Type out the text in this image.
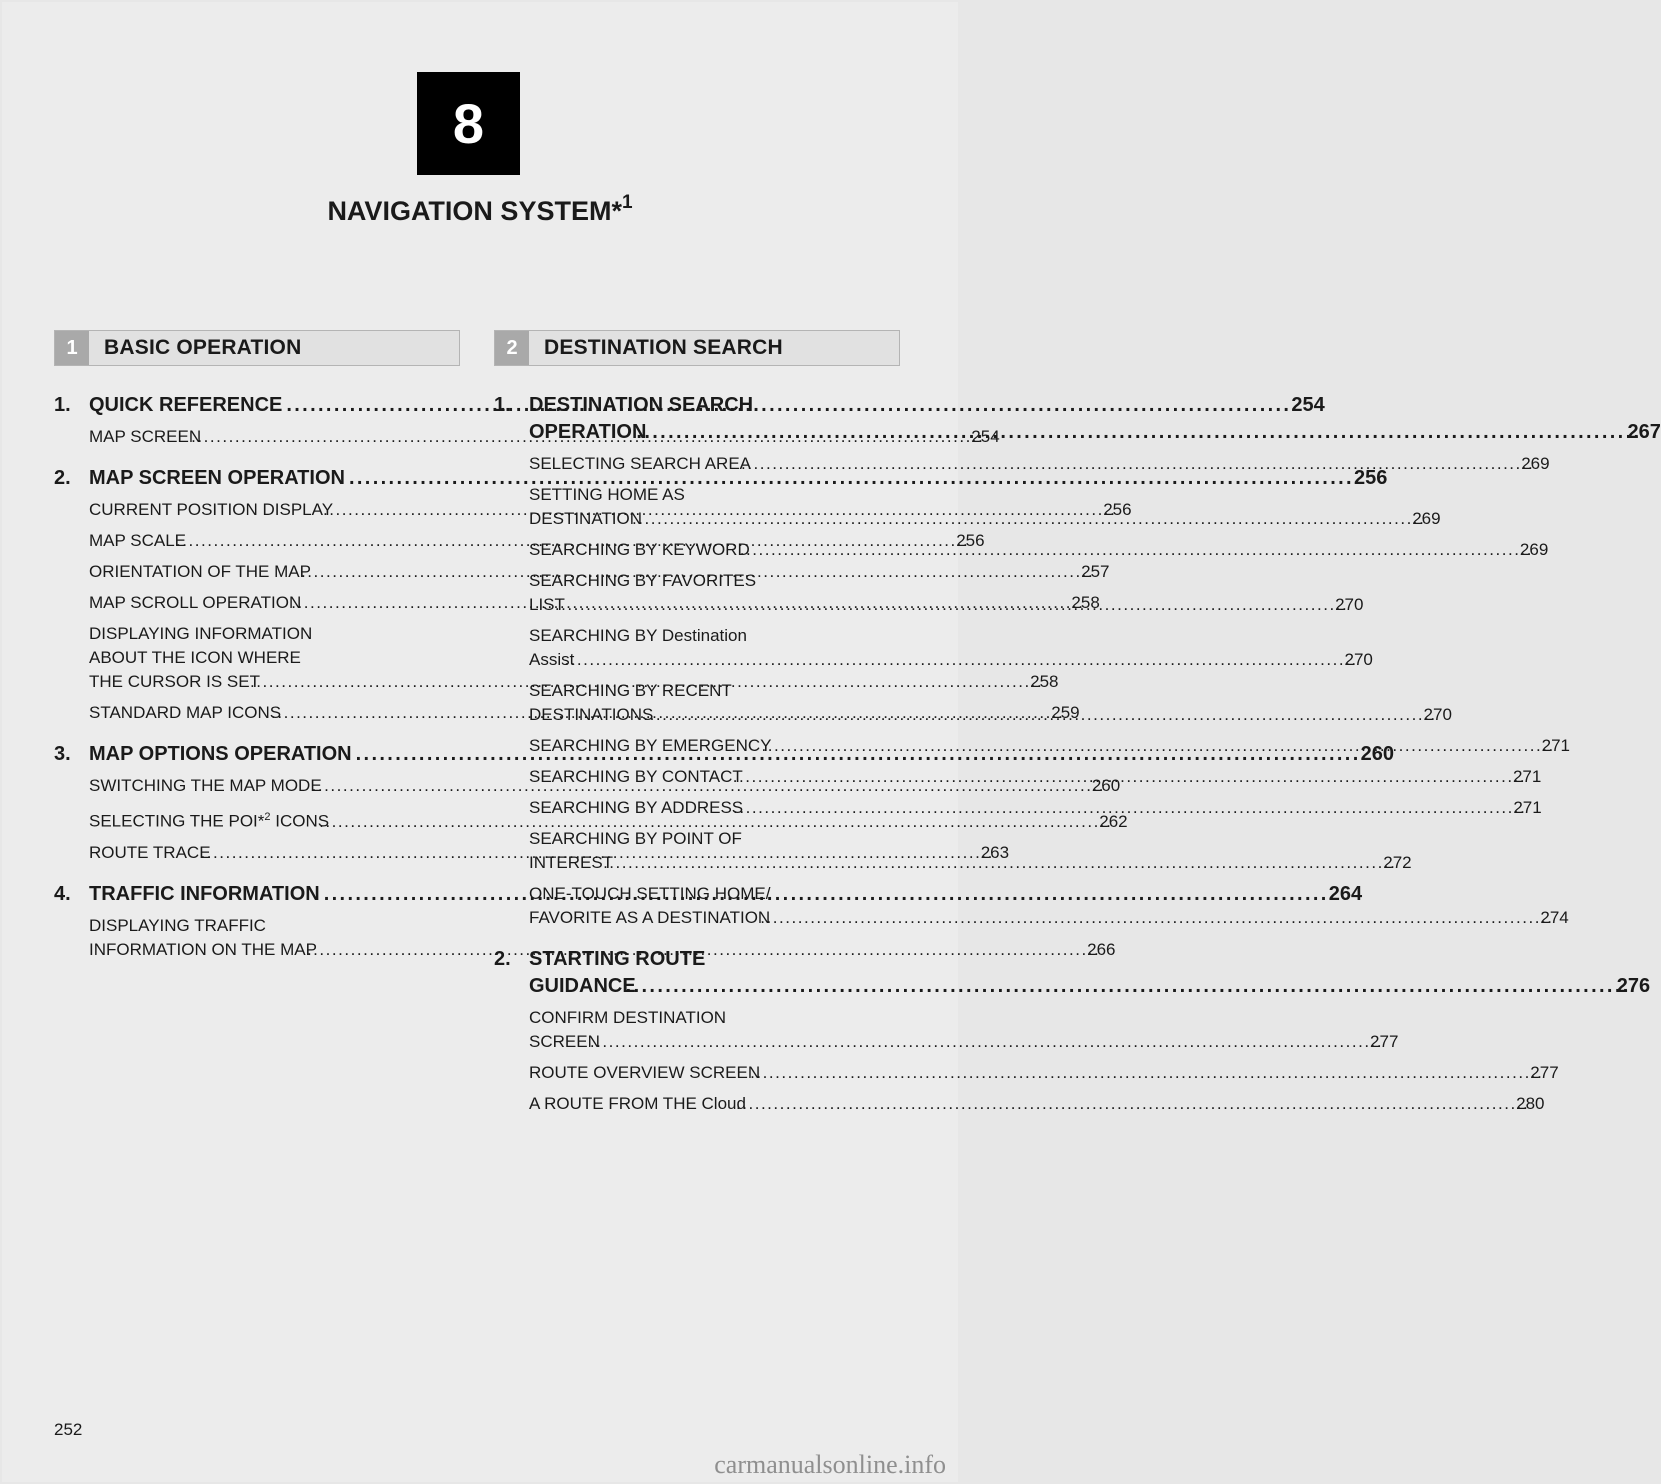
8
NAVIGATION SYSTEM*$^1$
1	BASIC OPERATION
1. QUICK REFERENCE . . .	254
MAP SCREEN . . .	254
2. MAP SCREEN OPERATION . . .	256
CURRENT POSITION DISPLAY . . .	256
MAP SCALE . . .	256
ORIENTATION OF THE MAP . . .	257
MAP SCROLL OPERATION . . .	258
DISPLAYING INFORMATION
ABOUT THE ICON WHERE
THE CURSOR IS SET . . .	258
STANDARD MAP ICONS . . .	259
3. MAP OPTIONS OPERATION . . .	260
SWITCHING THE MAP MODE . . .	260
SELECTING THE POI*$^2$ ICONS . . .	262
ROUTE TRACE . . .	263
4. TRAFFIC INFORMATION . . .	264
DISPLAYING TRAFFIC
INFORMATION ON THE MAP . . .	266
2	DESTINATION SEARCH
1. DESTINATION SEARCH
OPERATION . . .	267
SELECTING SEARCH AREA . . .	269
SETTING HOME AS
DESTINATION . . .	269
SEARCHING BY KEYWORD . . .	269
SEARCHING BY FAVORITES
LIST . . .	270
SEARCHING BY Destination
Assist . . .	270
SEARCHING BY RECENT
DESTINATIONS . . .	270
SEARCHING BY EMERGENCY . . .	271
SEARCHING BY CONTACT . . .	271
SEARCHING BY ADDRESS . . .	271
SEARCHING BY POINT OF
INTEREST . . .	272
ONE-TOUCH SETTING HOME/
FAVORITE AS A DESTINATION . . .	274
2. STARTING ROUTE
GUIDANCE . . .	276
CONFIRM DESTINATION
SCREEN . . .	277
ROUTE OVERVIEW SCREEN . . .	277
A ROUTE FROM THE Cloud . . .	280
252
carmanualsonline.info
